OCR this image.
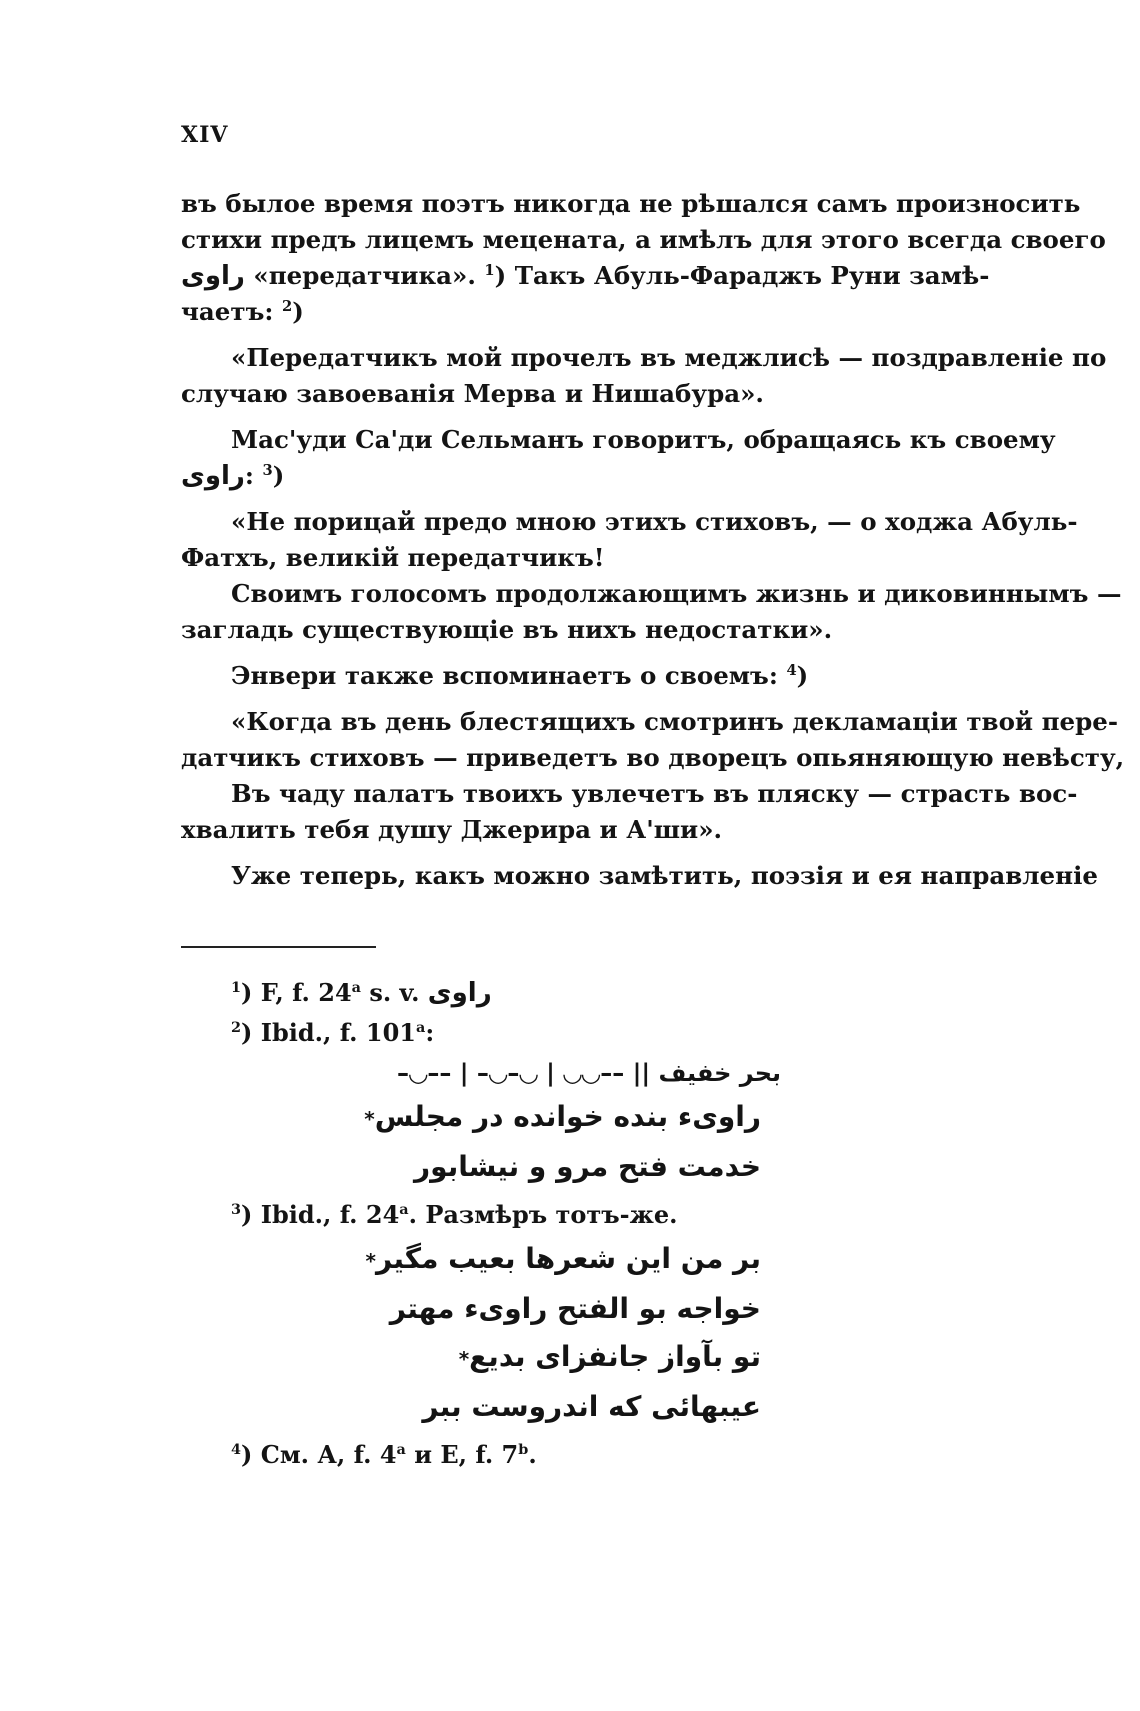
XIV
въ былое время поэтъ никогда не рѣшался самъ произносить
стихи предъ лицемъ мецената, а имѣлъ для этого всегда своего
راوى «передатчика». $^1$) Такъ Абуль-Фараджъ Руни замѣ-
чаетъ: $^2$)
«Передатчикъ мой прочелъ въ меджлисѣ — поздравленіе по
случаю завоеванія Мерва и Нишабура».
Мас'уди Са'ди Сельманъ говоритъ, обращаясь къ своему
راوى: $^3$)
«Не порицай предо мною этихъ стиховъ, — о ходжа Абуль-
Фатхъ, великій передатчикъ!
Своимъ голосомъ продолжающимъ жизнь и диковиннымъ —
загладь существующіе въ нихъ недостатки».
Энвери также вспоминаетъ о своемъ: $^4$)
«Когда въ день блестящихъ смотринъ декламаціи твой пере-
датчикъ стиховъ — приведетъ во дворецъ опьяняющую невѣсту,
Въ чаду палатъ твоихъ увлечетъ въ пляску — страсть вос-
хвалить тебя душу Джерира и А'ши».
Уже теперь, какъ можно замѣтить, поэзія и ея направленіе
$^1$) F, f. 24$^a$ s. v. راوى
$^2$) Ibid., f. 101$^a$:
بحر خفيف –◡–– | –◡–◡ | ◡◡–– ||
راوىء بنده خوانده در مجلس*
خدمت فتح مرو و نيشابور
$^3$) Ibid., f. 24$^a$. Размѣръ тотъ-же.
بر من اين شعرها بعيب مگير*
خواجه بو الفتح راوىء مهتر
تو بآواز جانفزاى بديع*
عيبهائى كه اندروست ببر
$^4$) См. А, f. 4$^a$ и E, f. 7$^b$.
